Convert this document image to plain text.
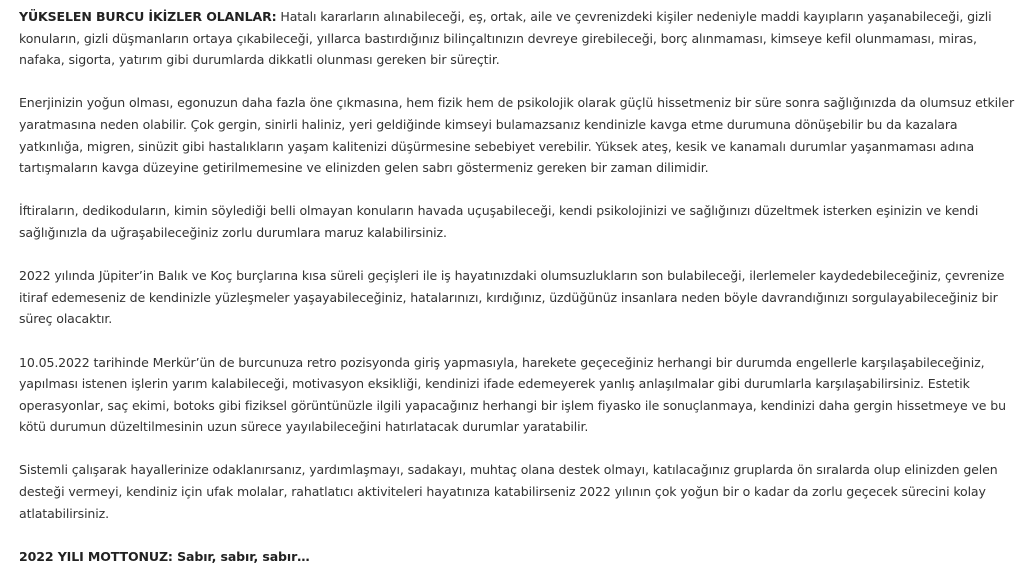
YÜKSELEN BURCU İKİZLER OLANLAR: Hatalı kararların alınabileceği, eş, ortak, aile ve çevrenizdeki kişiler nedeniyle maddi kayıpların yaşanabileceği, gizli konuların, gizli düşmanların ortaya çıkabileceği, yıllarca bastırdığınız bilinçaltınızın devreye girebileceği, borç alınmaması, kimseye kefil olunmaması, miras, nafaka, sigorta, yatırım gibi durumlarda dikkatli olunması gereken bir süreçtir.

Enerjinizin yoğun olması, egonuzun daha fazla öne çıkmasına, hem fizik hem de psikolojik olarak güçlü hissetmeniz bir süre sonra sağlığınızda da olumsuz etkiler yaratmasına neden olabilir. Çok gergin, sinirli haliniz, yeri geldiğinde kimseyi bulamazsanız kendinizle kavga etme durumuna dönüşebilir bu da kazalara yatkınlığa, migren, sinüzit gibi hastalıkların yaşam kalitenizi düşürmesine sebebiyet verebilir. Yüksek ateş, kesik ve kanamalı durumlar yaşanmaması adına tartışmaların kavga düzeyine getirilmemesine ve elinizden gelen sabrı göstermeniz gereken bir zaman dilimidir.

İftiraların, dedikoduların, kimin söylediği belli olmayan konuların havada uçuşabileceği, kendi psikolojinizi ve sağlığınızı düzeltmek isterken eşinizin ve kendi sağlığınızla da uğraşabileceğiniz zorlu durumlara maruz kalabilirsiniz.

2022 yılında Jüpiter’in Balık ve Koç burçlarına kısa süreli geçişleri ile iş hayatınızdaki olumsuzlukların son bulabileceği, ilerlemeler kaydedebileceğiniz, çevrenize itiraf edemeseniz de kendinizle yüzleşmeler yaşayabileceğiniz, hatalarınızı, kırdığınız, üzdüğünüz insanlara neden böyle davrandığınızı sorgulayabileceğiniz bir süreç olacaktır.

10.05.2022 tarihinde Merkür’ün de burcunuza retro pozisyonda giriş yapmasıyla, harekete geçeceğiniz herhangi bir durumda engellerle karşılaşabileceğiniz, yapılması istenen işlerin yarım kalabileceği, motivasyon eksikliği, kendinizi ifade edemeyerek yanlış anlaşılmalar gibi durumlarla karşılaşabilirsiniz. Estetik operasyonlar, saç ekimi, botoks gibi fiziksel görüntünüzle ilgili yapacağınız herhangi bir işlem fiyasko ile sonuçlanmaya, kendinizi daha gergin hissetmeye ve bu kötü durumun düzeltilmesinin uzun sürece yayılabileceğini hatırlatacak durumlar yaratabilir.

Sistemli çalışarak hayallerinize odaklanırsanız, yardımlaşmayı, sadakayı, muhtaç olana destek olmayı, katılacağınız gruplarda ön sıralarda olup elinizden gelen desteği vermeyi, kendiniz için ufak molalar, rahatlatıcı aktiviteleri hayatınıza katabilirseniz 2022 yılının çok yoğun bir o kadar da zorlu geçecek sürecini kolay atlatabilirsiniz.

2022 YILI MOTTONUZ: Sabır, sabır, sabır…
